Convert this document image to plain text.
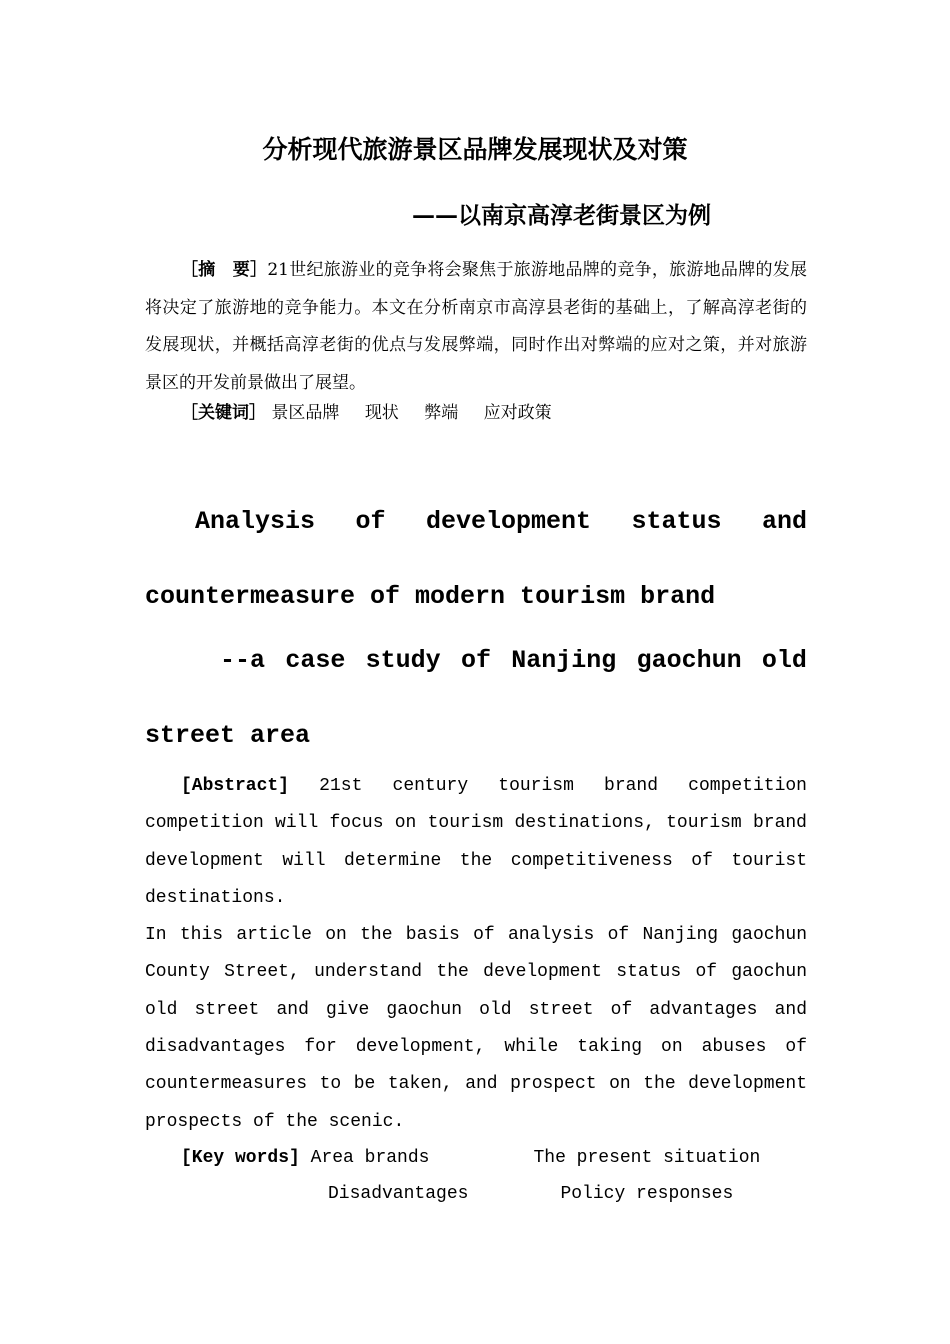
分析现代旅游景区品牌发展现状及对策
——以南京高淳老街景区为例

［摘　要］21世纪旅游业的竞争将会聚焦于旅游地品牌的竞争，旅游地品牌的发展将决定了旅游地的竞争能力。本文在分析南京市高淳县老街的基础上，了解高淳老街的发展现状，并概括高淳老街的优点与发展弊端，同时作出对弊端的应对之策，并对旅游景区的开发前景做出了展望。

［关键词］ 景区品牌 现状 弊端 应对政策
Analysis of development status and
countermeasure of modern tourism brand
--a case study of Nanjing gaochun old
street area

[Abstract] 21st century tourism brand competition competition will focus on tourism destinations, tourism brand development will determine the competitiveness of tourist destinations.

In this article on the basis of analysis of Nanjing gaochun County Street, understand the development status of gaochun old street and give gaochun old street of advantages and disadvantages for development, while taking on abuses of countermeasures to be taken, and prospect on the development prospects of the scenic.

[Key words] Area brands	The present situation
Disadvantages	Policy responses
